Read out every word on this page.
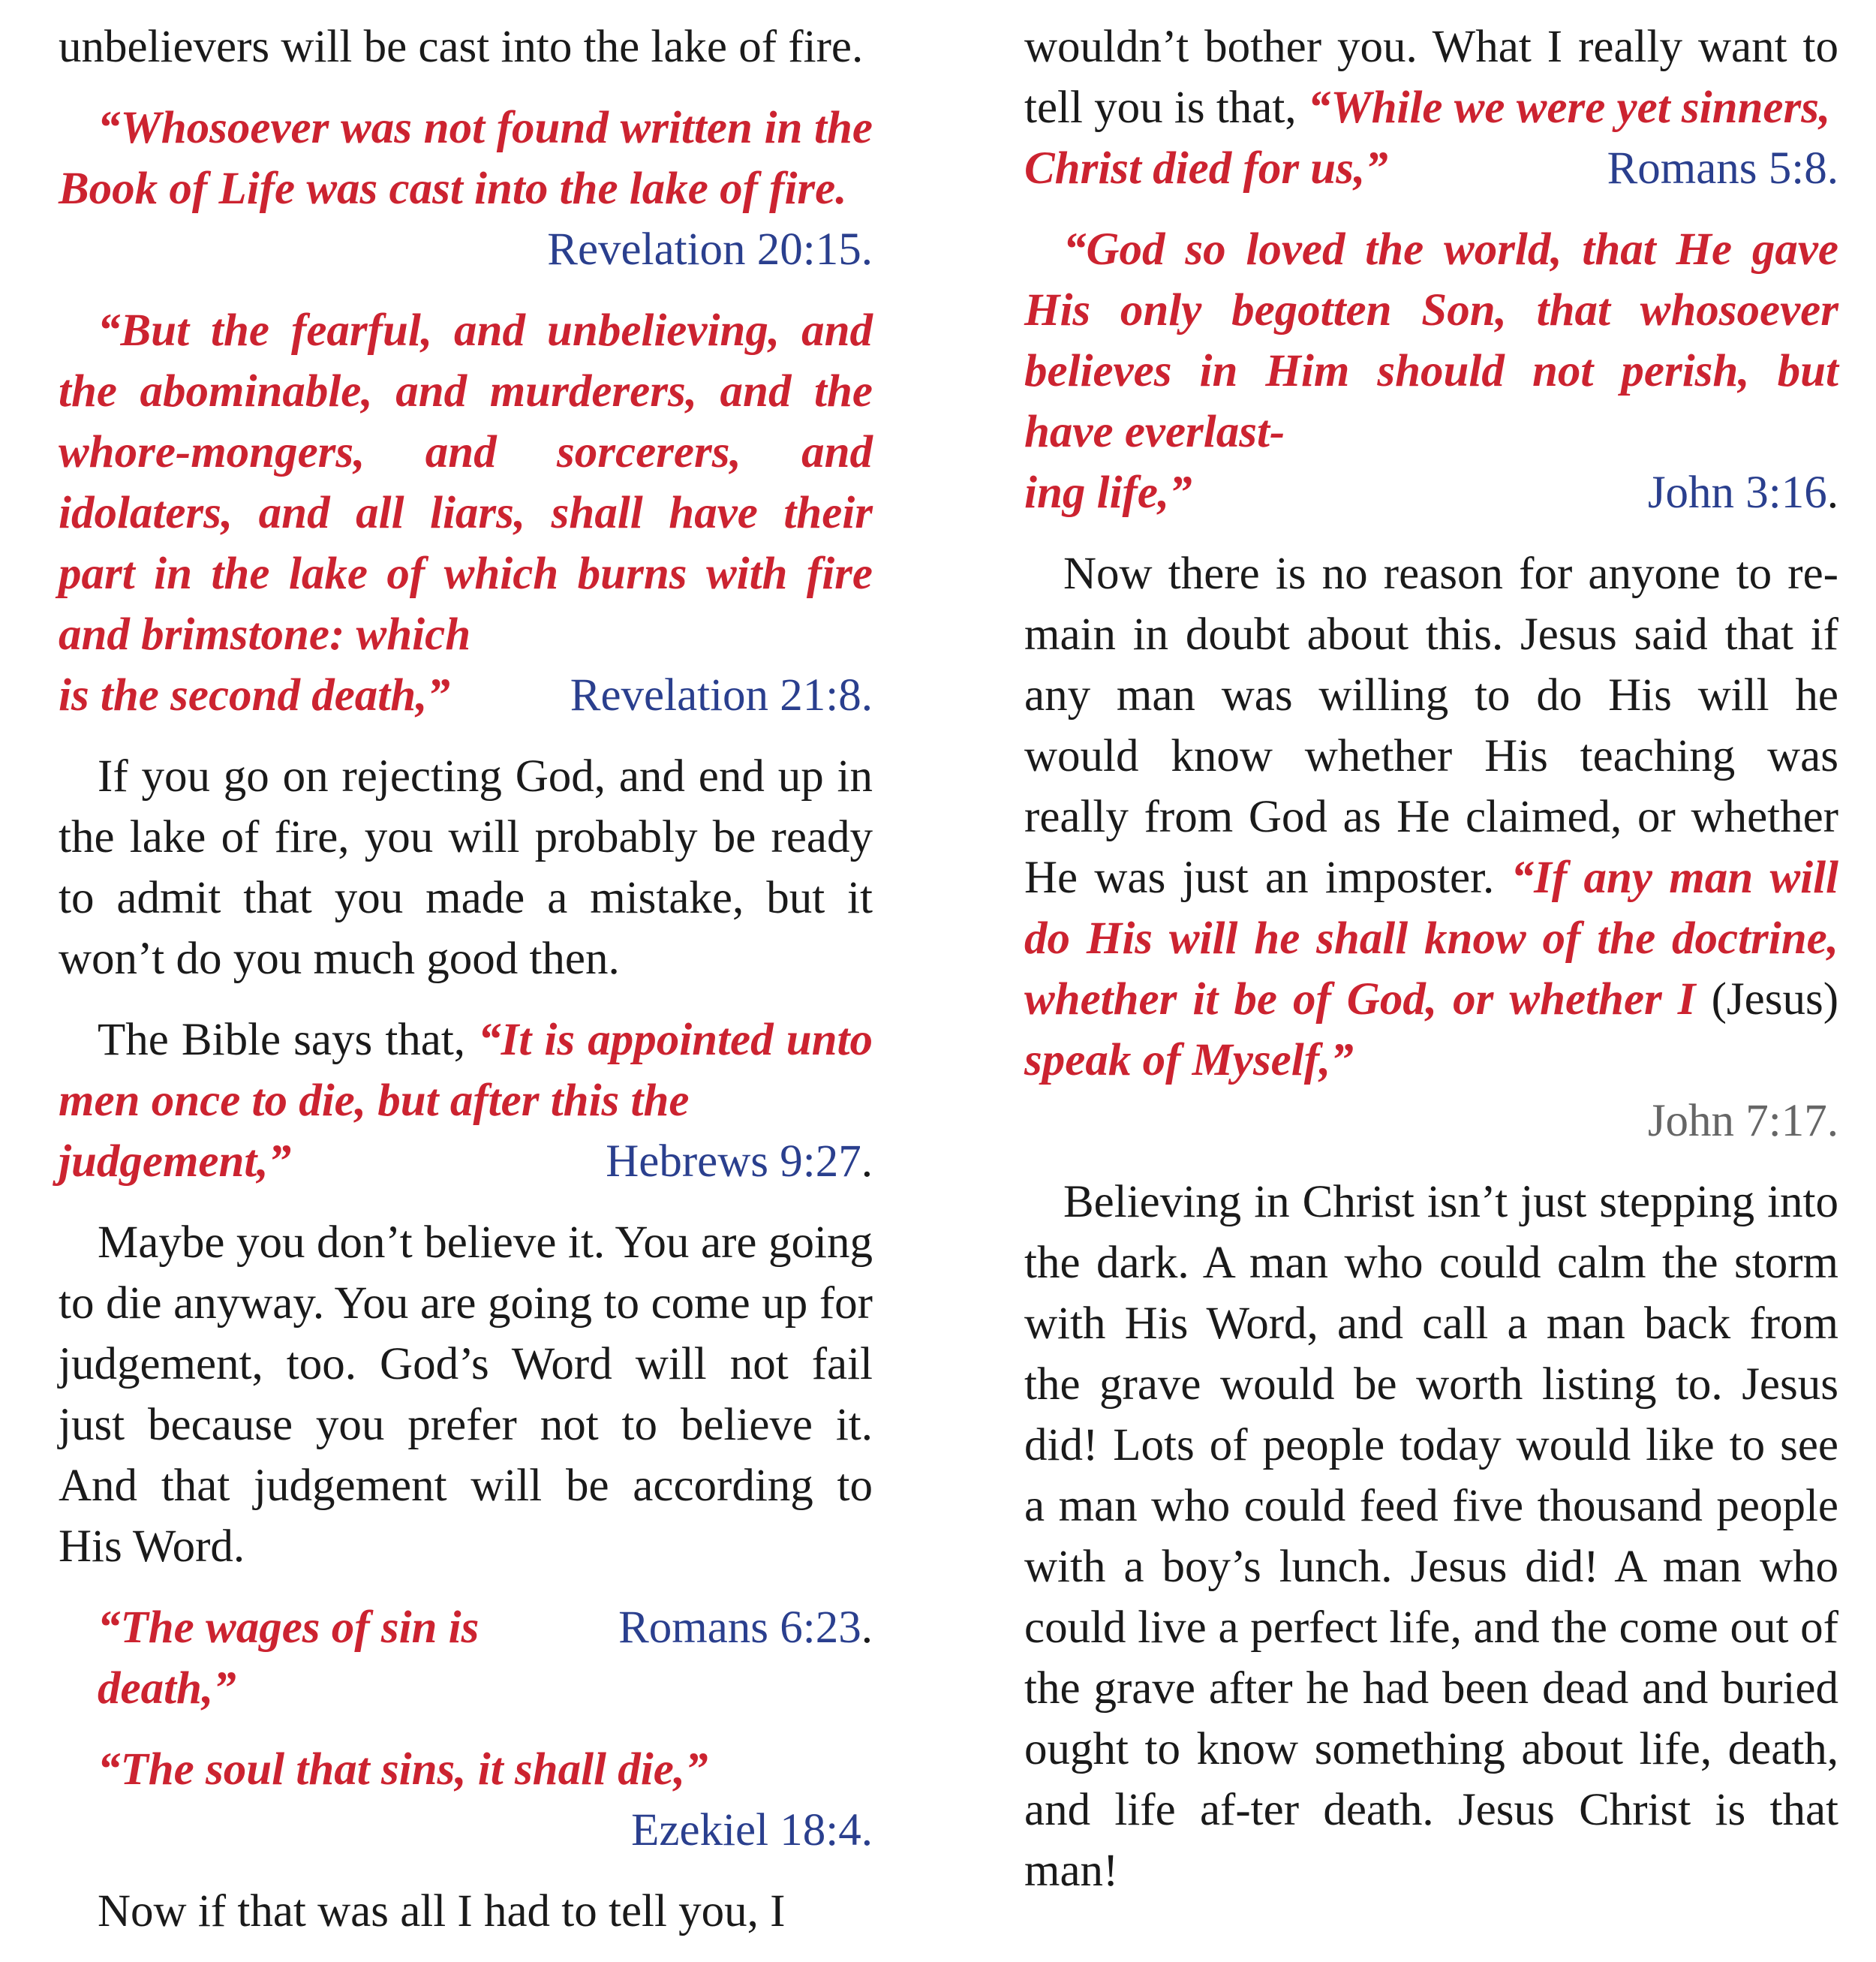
unbelievers will be cast into the lake of fire.

“Whosoever was not found written in the Book of Life was cast into the lake of fire.

Revelation 20:15.

“But the fearful, and unbelieving, and the abominable, and murderers, and the whore-mongers, and sorcerers, and idolaters, and all liars, shall have their part in the lake of which burns with fire and brimstone: which

is the second death,”	Revelation 21:8.

If you go on rejecting God, and end up in the lake of fire, you will probably be ready to admit that you made a mistake, but it won’t do you much good then.

The Bible says that, “It is appointed unto men once to die, but after this the

judgement,”	Hebrews 9:27.

Maybe you don’t believe it. You are going to die anyway. You are going to come up for judgement, too. God’s Word will not fail just because you prefer not to believe it. And that judgement will be according to His Word.

“The wages of sin is death,”
Romans 6:23.

“The soul that sins, it shall die,”

Ezekiel 18:4.

Now if that was all I had to tell you, I

wouldn’t bother you. What I really want to tell you is that, “While we were yet sinners,

Christ died for us,”	Romans 5:8.

“God so loved the world, that He gave His only begotten Son, that whosoever believes in Him should not perish, but have everlast-

ing life,”	John 3:16.

Now there is no reason for anyone to re-main in doubt about this. Jesus said that if any man was willing to do His will he would know whether His teaching was really from God as He claimed, or whether He was just an imposter. “If any man will do His will he shall know of the doctrine, whether it be of God, or whether I (Jesus) speak of Myself,”

John 7:17.

Believing in Christ isn’t just stepping into the dark. A man who could calm the storm with His Word, and call a man back from the grave would be worth listing to. Jesus did! Lots of people today would like to see a man who could feed five thousand people with a boy’s lunch. Jesus did! A man who could live a perfect life, and the come out of the grave after he had been dead and buried ought to know something about life, death, and life af-ter death. Jesus Christ is that man!
